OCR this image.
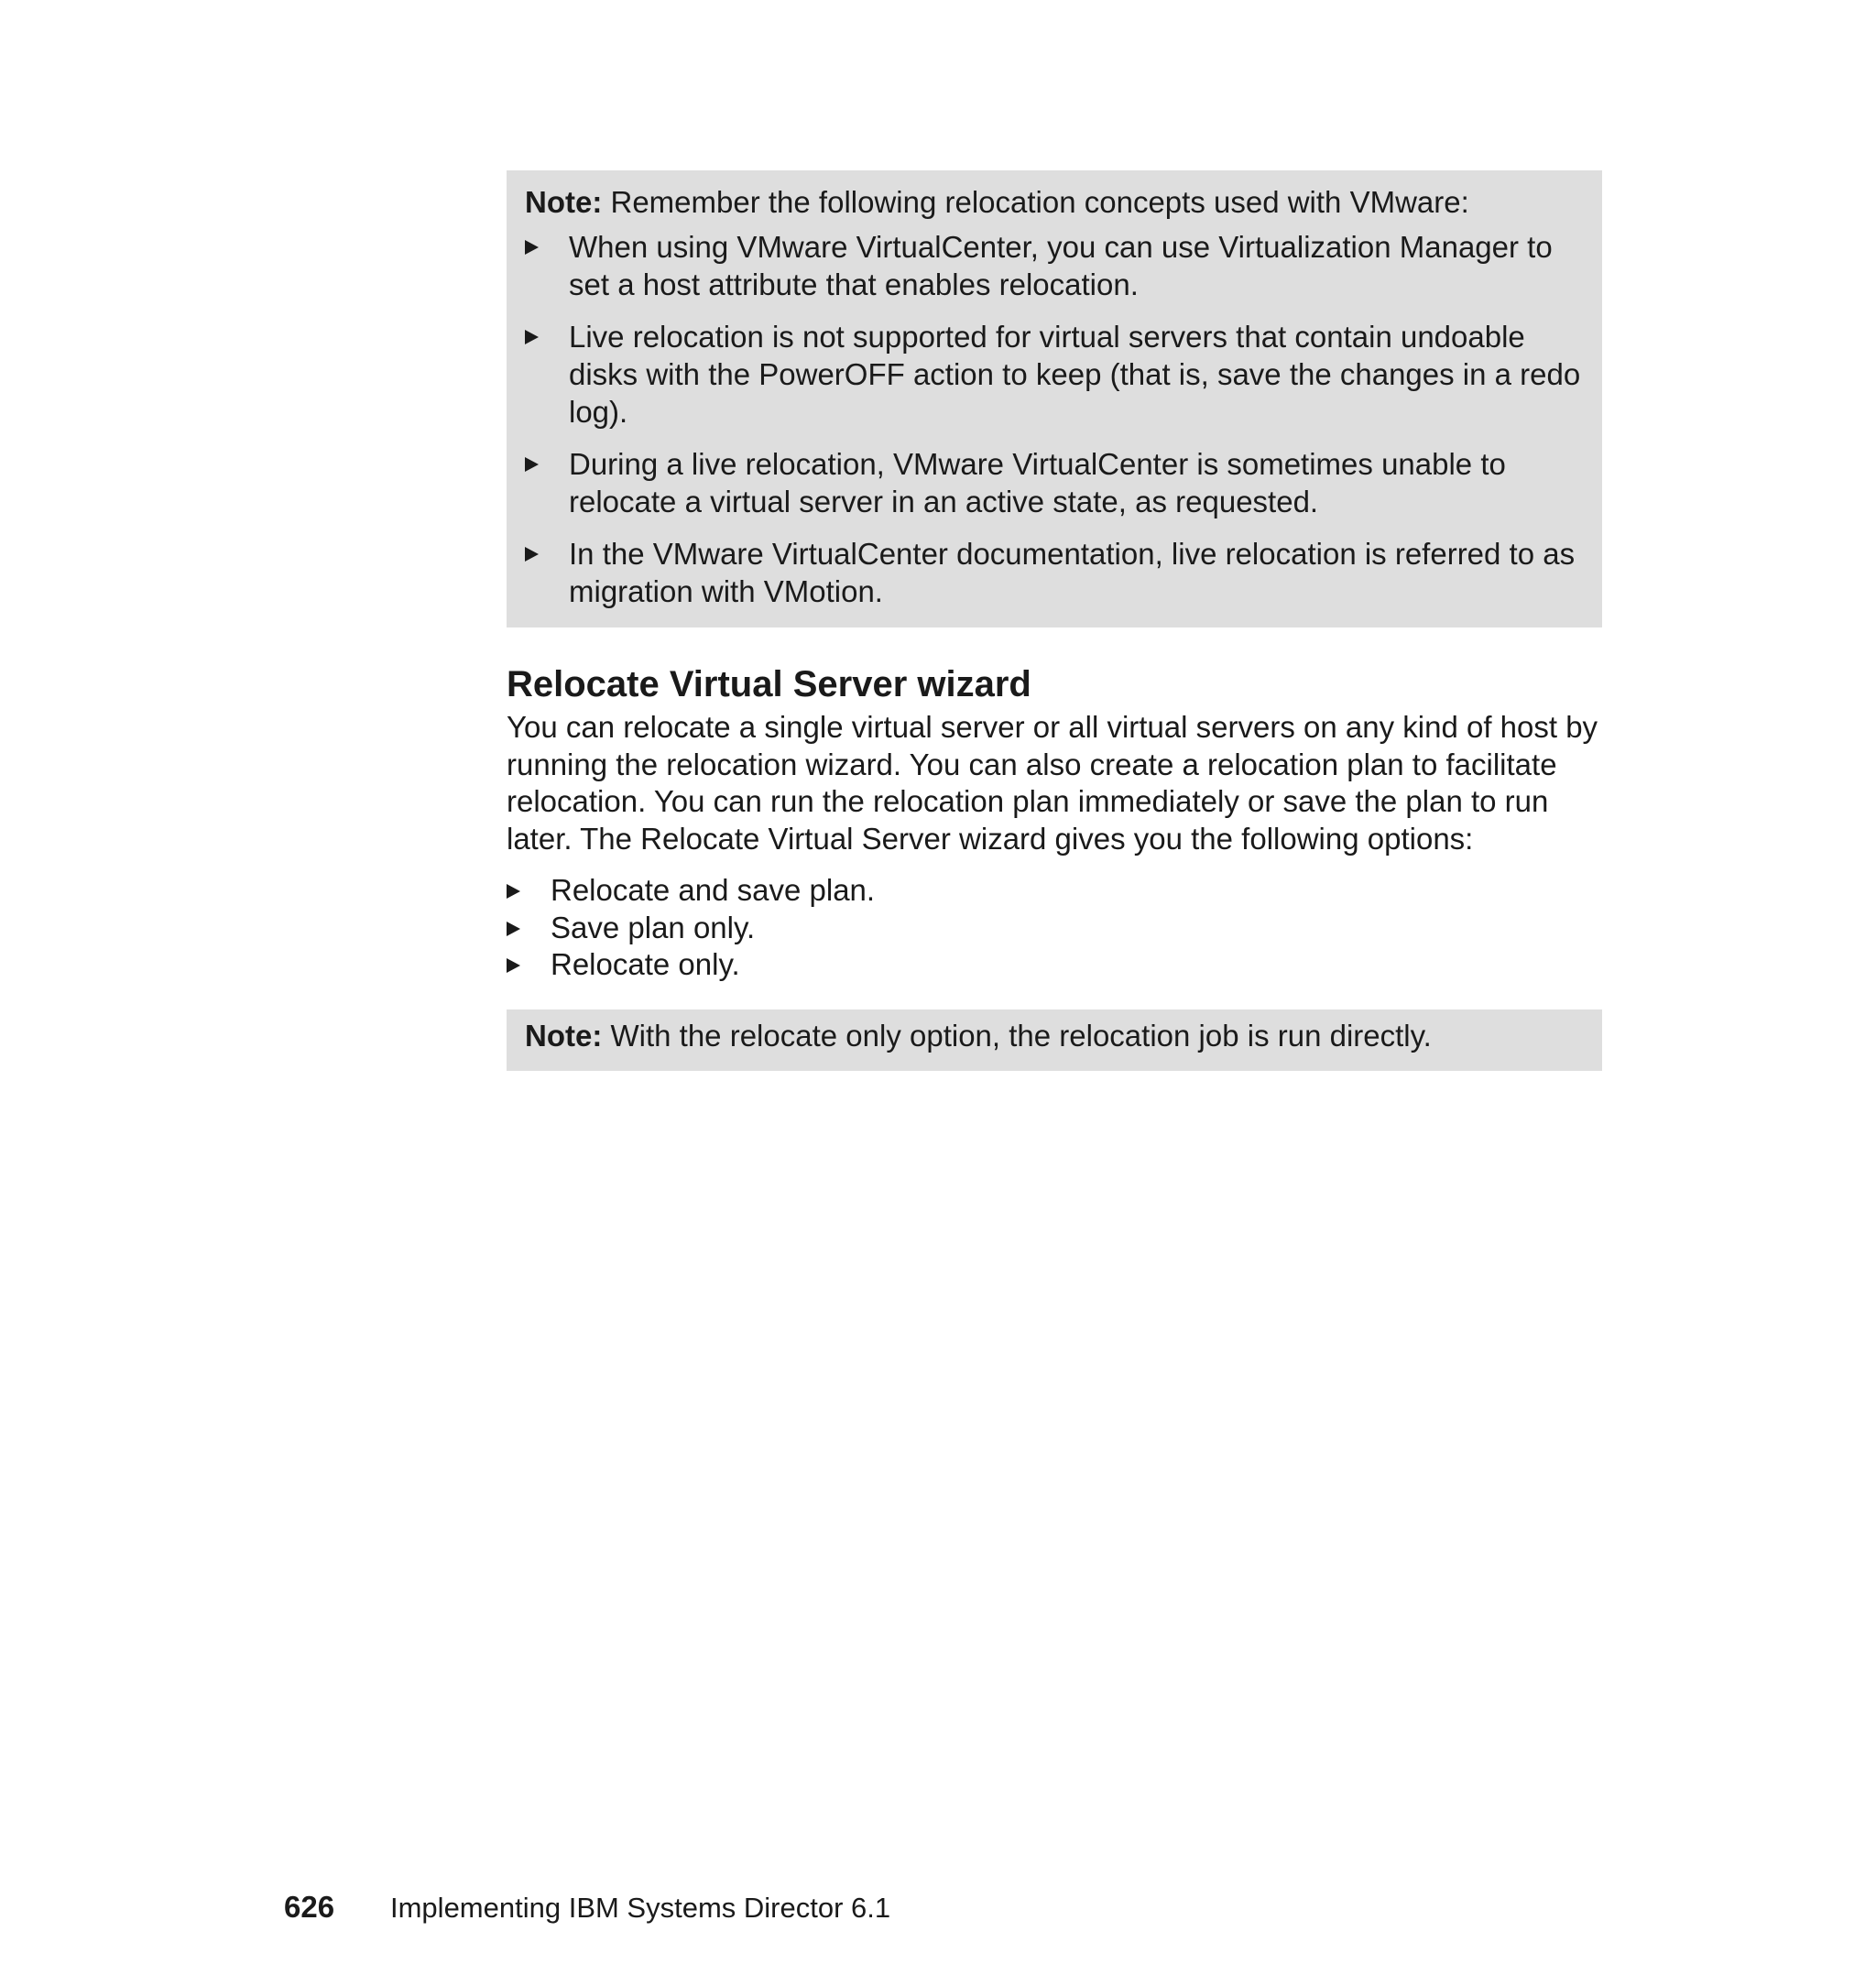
Note: Remember the following relocation concepts used with VMware:

When using VMware VirtualCenter, you can use Virtualization Manager to set a host attribute that enables relocation.
Live relocation is not supported for virtual servers that contain undoable disks with the PowerOFF action to keep (that is, save the changes in a redo log).
During a live relocation, VMware VirtualCenter is sometimes unable to relocate a virtual server in an active state, as requested.
In the VMware VirtualCenter documentation, live relocation is referred to as migration with VMotion.
Relocate Virtual Server wizard

You can relocate a single virtual server or all virtual servers on any kind of host by running the relocation wizard. You can also create a relocation plan to facilitate relocation. You can run the relocation plan immediately or save the plan to run later. The Relocate Virtual Server wizard gives you the following options:

Relocate and save plan.
Save plan only.
Relocate only.

Note: With the relocate only option, the relocation job is run directly.

626 Implementing IBM Systems Director 6.1
